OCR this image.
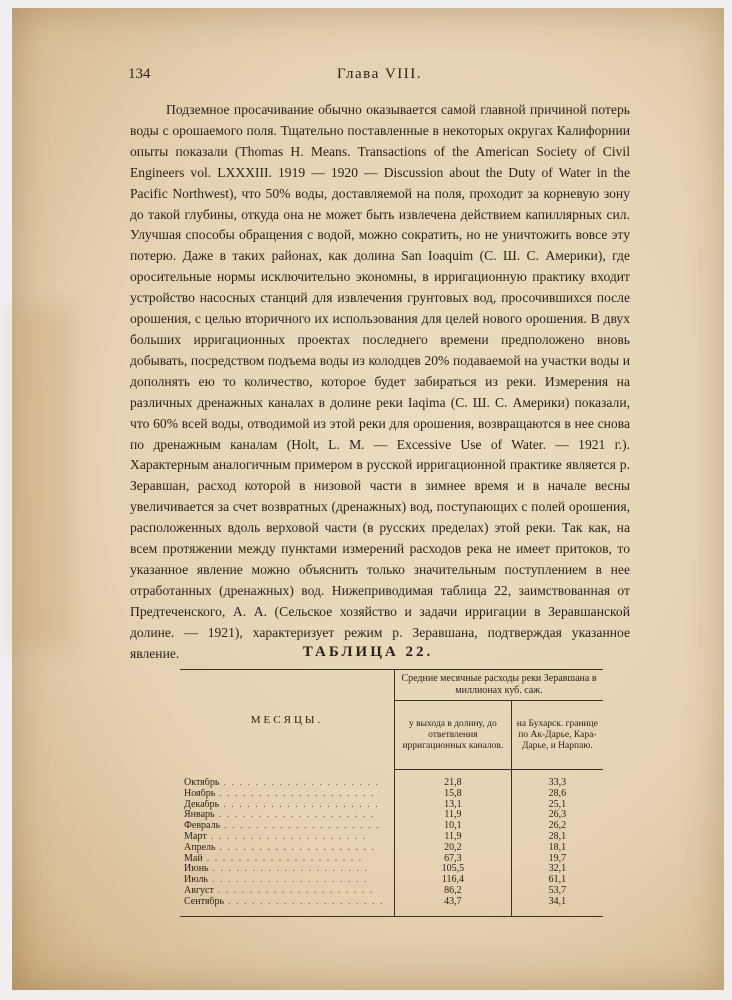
134	Глава VIII.

Подземное просачивание обычно оказывается самой главной причиной потерь воды с орошаемого поля. Тщательно поставленные в некоторых округах Калифорнии опыты показали (Thomas H. Means. Transactions of the American Society of Civil Engineers vol. LXXXIII. 1919 — 1920 — Discussion about the Duty of Water in the Pacific Northwest), что 50% воды, доставляемой на поля, проходит за корневую зону до такой глубины, откуда она не может быть извлечена действием капиллярных сил. Улучшая способы обращения с водой, можно сократить, но не уничтожить вовсе эту потерю. Даже в таких районах, как долина San Ioaquim (С. Ш. С. Америки), где оросительные нормы исключительно экономны, в ирригационную практику входит устройство насосных станций для извлечения грунтовых вод, просочившихся после орошения, с целью вторичного их использования для целей нового орошения. В двух больших ирригационных проектах последнего времени предположено вновь добывать, посредством подъема воды из колодцев 20% подаваемой на участки воды и дополнять ею то количество, которое будет забираться из реки. Измерения на различных дренажных каналах в долине реки Iaqima (С. Ш. С. Америки) показали, что 60% всей воды, отводимой из этой реки для орошения, возвращаются в нее снова по дренажным каналам (Holt, L. M. — Excessive Use of Water. — 1921 г.). Характерным аналогичным примером в русской ирригационной практике является р. Зеравшан, расход которой в низовой части в зимнее время и в начале весны увеличивается за счет возвратных (дренажных) вод, поступающих с полей орошения, расположенных вдоль верховой части (в русских пределах) этой реки. Так как, на всем протяжении между пунктами измерений расходов река не имеет притоков, то указанное явление можно объяснить только значительным поступлением в нее отработанных (дренажных) вод. Нижеприводимая таблица 22, заимствованная от Предтеченского, А. А. (Сельское хозяйство и задачи ирригации в Зеравшанской долине. — 1921), характеризует режим р. Зеравшана, подтверждая указанное явление.	ТАБЛИЦА 22.
МЕСЯЦЫ.	Средние месячные расходы реки Зеравшана в миллионах куб. саж.	
	у выхода в долину, до ответвления ирригационных каналов.	на Бухарск. границе по Ак-Дарье, Кара-Дарье, и Нарпаю.

Октябрь . . . . . . . . . . . . . . . . . . . .	21,8	33,3
Ноябрь . . . . . . . . . . . . . . . . . . . .	15,8	28,6
Декабрь . . . . . . . . . . . . . . . . . . . .	13,1	25,1
Январь . . . . . . . . . . . . . . . . . . . .	11,9	26,3
Февраль . . . . . . . . . . . . . . . . . . . .	10,1	26,2
Март . . . . . . . . . . . . . . . . . . . .	11,9	28,1
Апрель . . . . . . . . . . . . . . . . . . . .	20,2	18,1
Май . . . . . . . . . . . . . . . . . . . .	67,3	19,7
Июнь . . . . . . . . . . . . . . . . . . . .	105,5	32,1
Июль . . . . . . . . . . . . . . . . . . . .	116,4	61,1
Август . . . . . . . . . . . . . . . . . . . .	86,2	53,7
Сентябрь . . . . . . . . . . . . . . . . . . . .	43,7	34,1
